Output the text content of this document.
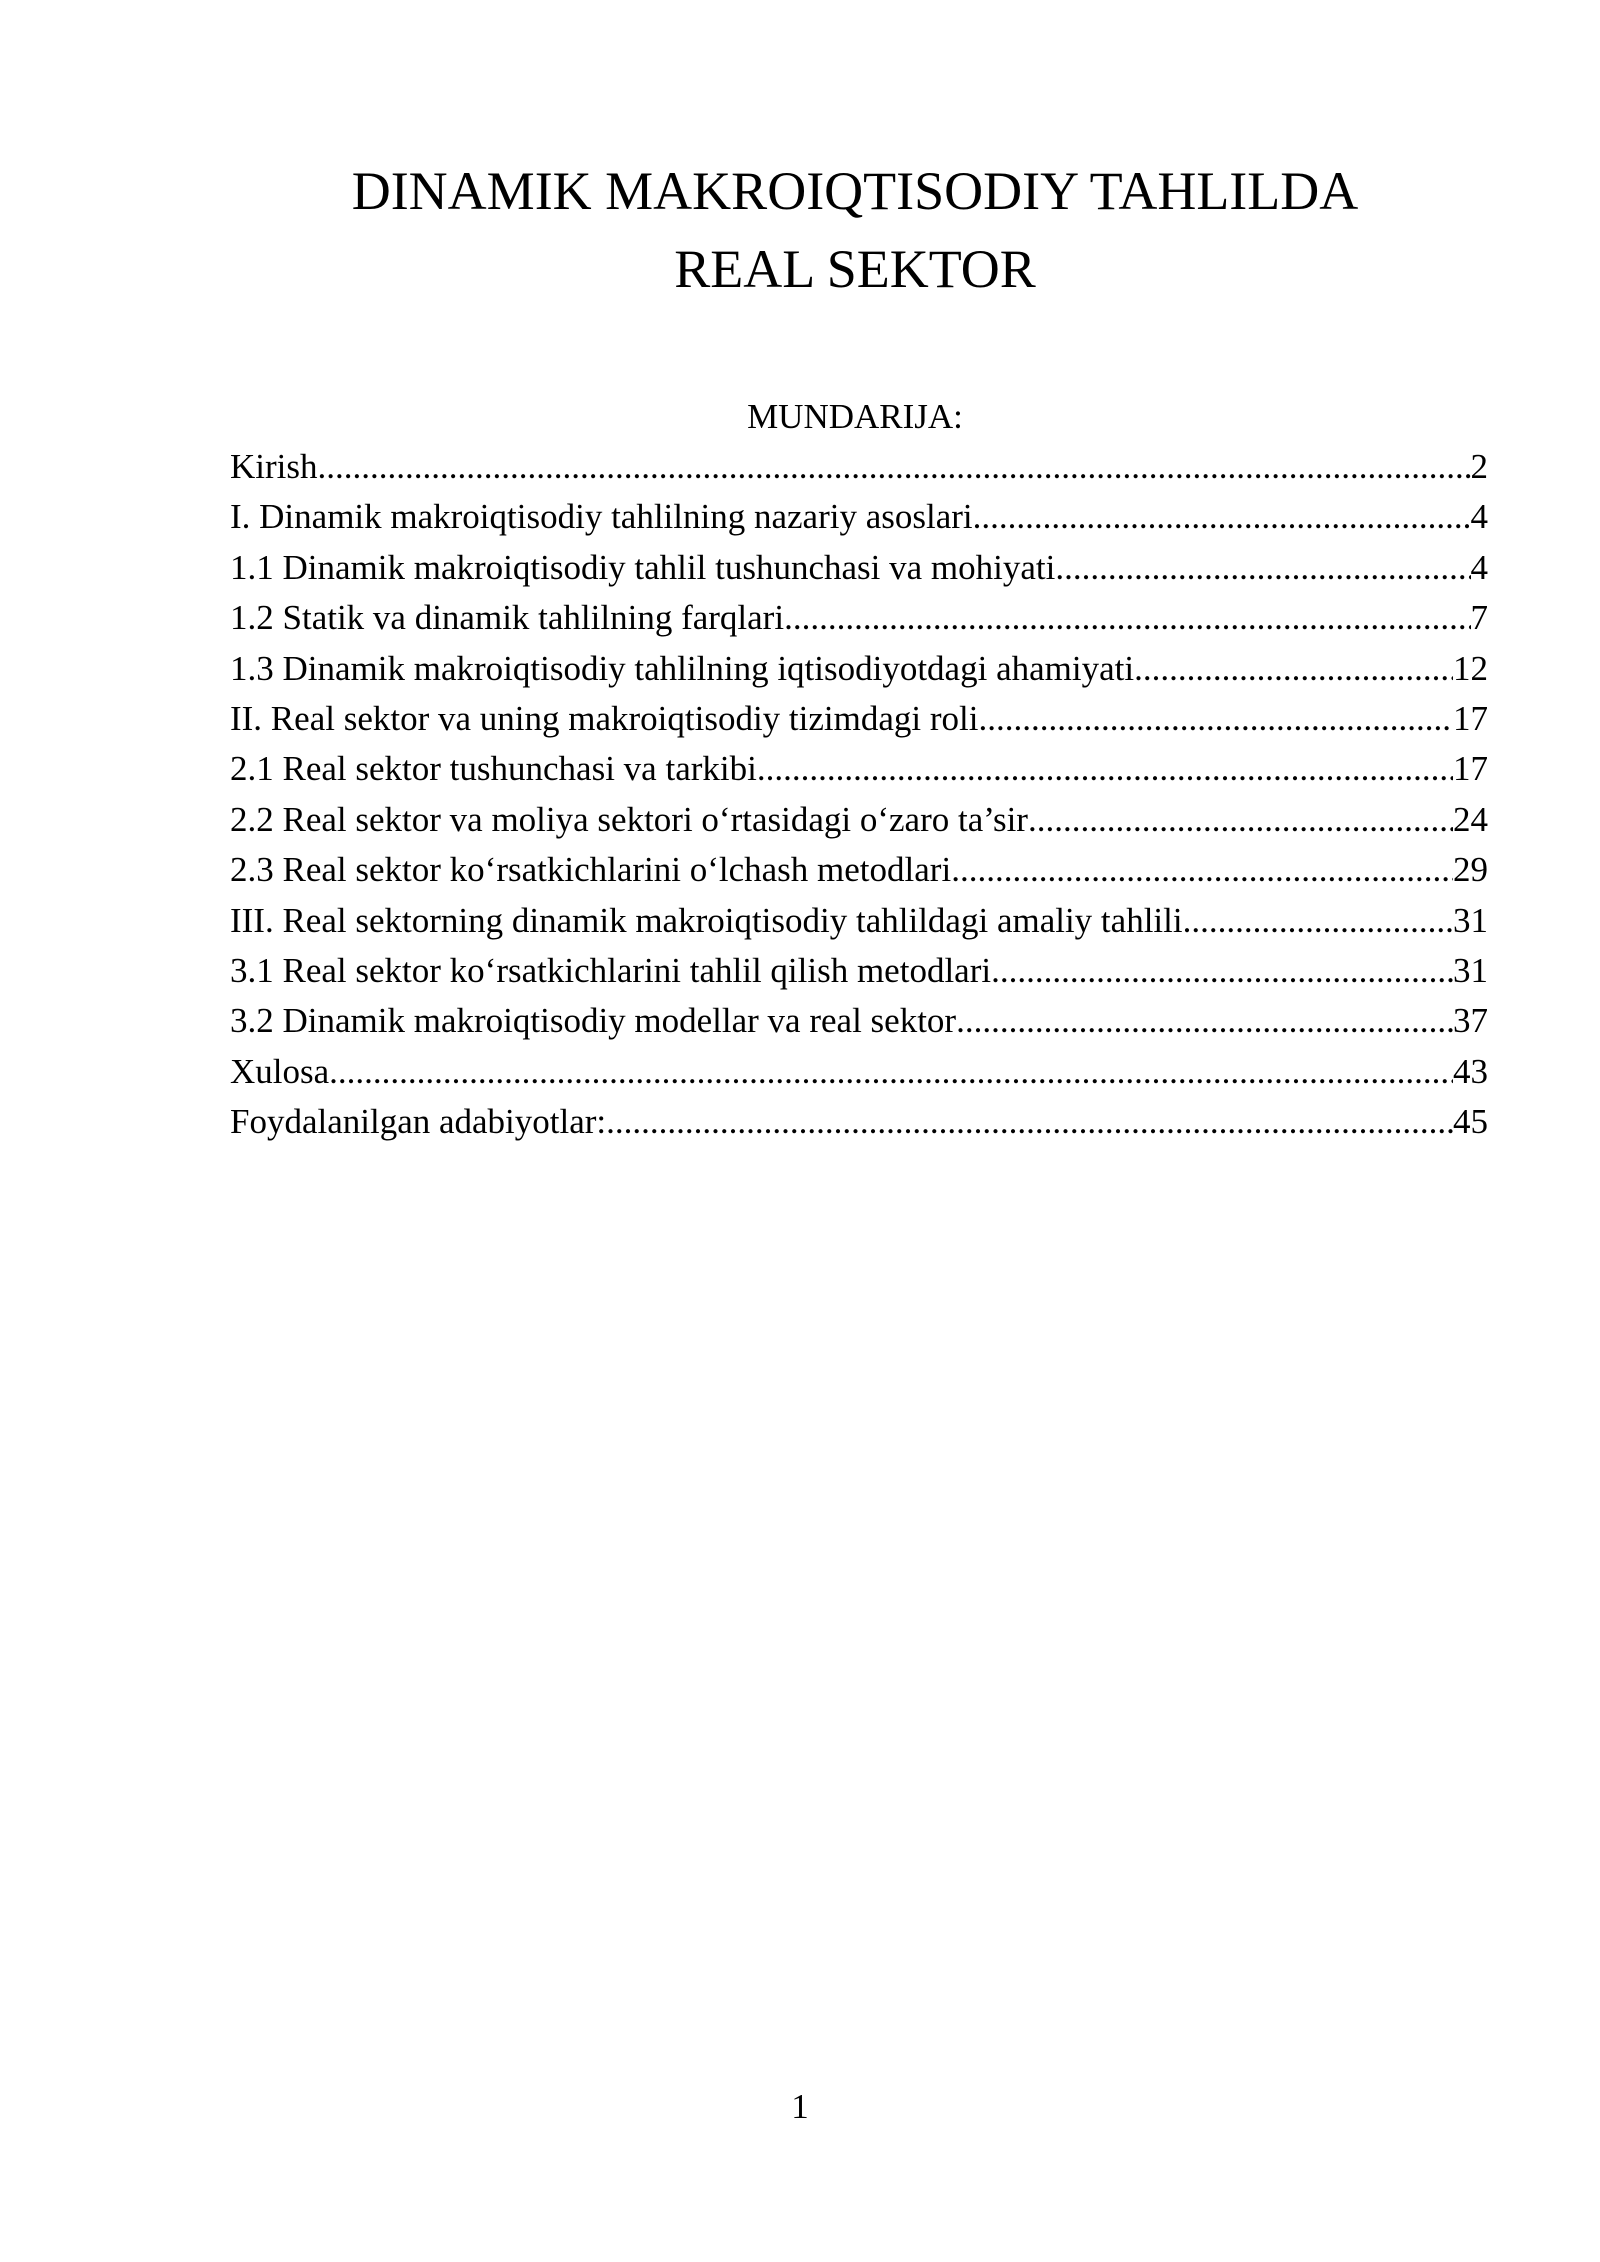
DINAMIK MAKROIQTISODIY TAHLILDA
REAL SEKTOR
MUNDARIJA:
Kirish .....	2
I. Dinamik makroiqtisodiy tahlilning nazariy asoslari .....	4
1.1 Dinamik makroiqtisodiy tahlil tushunchasi va mohiyati .....	4
1.2 Statik va dinamik tahlilning farqlari .....	7
1.3 Dinamik makroiqtisodiy tahlilning iqtisodiyotdagi ahamiyati .....	12
II. Real sektor va uning makroiqtisodiy tizimdagi roli .....	17
2.1 Real sektor tushunchasi va tarkibi .....	17
2.2 Real sektor va moliya sektori o‘rtasidagi o‘zaro ta’sir .....	24
2.3 Real sektor ko‘rsatkichlarini o‘lchash metodlari .....	29
III. Real sektorning dinamik makroiqtisodiy tahlildagi amaliy tahlili .....	31
3.1 Real sektor ko‘rsatkichlarini tahlil qilish metodlari .....	31
3.2 Dinamik makroiqtisodiy modellar va real sektor .....	37
Xulosa .....	43
Foydalanilgan adabiyotlar: .....	45
1
